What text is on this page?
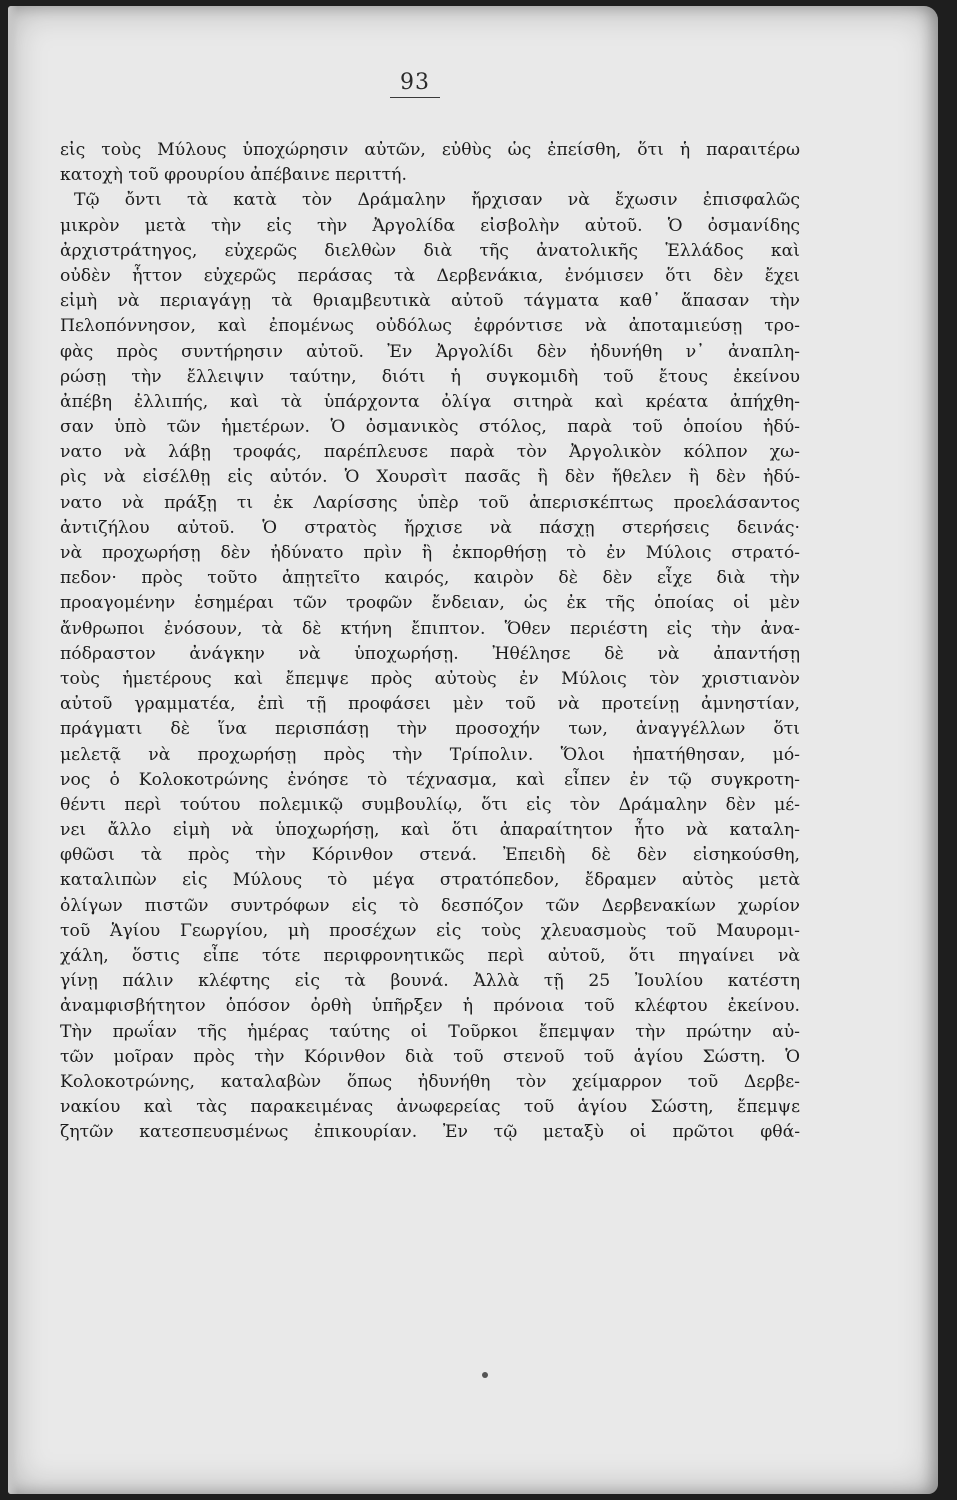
93
εἰς τοὺς Μύλους ὑποχώρησιν αὐτῶν, εὐθὺς ὡς ἐπείσθη, ὅτι ἡ παραιτέρω
κατοχὴ τοῦ φρουρίου ἀπέβαινε περιττή.
Τῷ ὄντι τὰ κατὰ τὸν Δράμαλην ἤρχισαν νὰ ἔχωσιν ἐπισφαλῶς
μικρὸν μετὰ τὴν εἰς τὴν Ἀργολίδα εἰσβολὴν αὐτοῦ. Ὁ ὀσμανίδης
ἀρχιστράτηγος, εὐχερῶς διελθὼν διὰ τῆς ἀνατολικῆς Ἑλλάδος καὶ
οὐδὲν ἧττον εὐχερῶς περάσας τὰ Δερβενάκια, ἐνόμισεν ὅτι δὲν ἔχει
εἰμὴ νὰ περιαγάγῃ τὰ θριαμβευτικὰ αὐτοῦ τάγματα καθ᾽ ἅπασαν τὴν
Πελοπόννησον, καὶ ἐπομένως οὐδόλως ἐφρόντισε νὰ ἀποταμιεύσῃ τρο-
φὰς πρὸς συντήρησιν αὐτοῦ. Ἐν Ἀργολίδι δὲν ἠδυνήθη ν᾽ ἀναπλη-
ρώσῃ τὴν ἔλλειψιν ταύτην, διότι ἡ συγκομιδὴ τοῦ ἔτους ἐκείνου
ἀπέβη ἐλλιπής, καὶ τὰ ὑπάρχοντα ὀλίγα σιτηρὰ καὶ κρέατα ἀπήχθη-
σαν ὑπὸ τῶν ἡμετέρων. Ὁ ὀσμανικὸς στόλος, παρὰ τοῦ ὁποίου ἠδύ-
νατο νὰ λάβῃ τροφάς, παρέπλευσε παρὰ τὸν Ἀργολικὸν κόλπον χω-
ρὶς νὰ εἰσέλθῃ εἰς αὐτόν. Ὁ Χουρσὶτ πασᾶς ἢ δὲν ἤθελεν ἢ δὲν ἠδύ-
νατο νὰ πράξῃ τι ἐκ Λαρίσσης ὑπὲρ τοῦ ἀπερισκέπτως προελάσαντος
ἀντιζήλου αὐτοῦ. Ὁ στρατὸς ἤρχισε νὰ πάσχῃ στερήσεις δεινάς·
νὰ προχωρήσῃ δὲν ἠδύνατο πρὶν ἢ ἐκπορθήσῃ τὸ ἐν Μύλοις στρατό-
πεδον· πρὸς τοῦτο ἀπῃτεῖτο καιρός, καιρὸν δὲ δὲν εἶχε διὰ τὴν
προαγομένην ἑσημέραι τῶν τροφῶν ἔνδειαν, ὡς ἐκ τῆς ὁποίας οἱ μὲν
ἄνθρωποι ἐνόσουν, τὰ δὲ κτήνη ἔπιπτον. Ὅθεν περιέστη εἰς τὴν ἀνα-
πόδραστον ἀνάγκην νὰ ὑποχωρήσῃ. Ἠθέλησε δὲ νὰ ἀπαντήσῃ
τοὺς ἡμετέρους καὶ ἔπεμψε πρὸς αὐτοὺς ἐν Μύλοις τὸν χριστιανὸν
αὐτοῦ γραμματέα, ἐπὶ τῇ προφάσει μὲν τοῦ νὰ προτείνῃ ἀμνηστίαν,
πράγματι δὲ ἵνα περισπάσῃ τὴν προσοχήν των, ἀναγγέλλων ὅτι
μελετᾷ νὰ προχωρήσῃ πρὸς τὴν Τρίπολιν. Ὅλοι ἠπατήθησαν, μό-
νος ὁ Κολοκοτρώνης ἐνόησε τὸ τέχνασμα, καὶ εἶπεν ἐν τῷ συγκροτη-
θέντι περὶ τούτου πολεμικῷ συμβουλίῳ, ὅτι εἰς τὸν Δράμαλην δὲν μέ-
νει ἄλλο εἰμὴ νὰ ὑποχωρήσῃ, καὶ ὅτι ἀπαραίτητον ἦτο νὰ καταλη-
φθῶσι τὰ πρὸς τὴν Κόρινθον στενά. Ἐπειδὴ δὲ δὲν εἰσηκούσθη,
καταλιπὼν εἰς Μύλους τὸ μέγα στρατόπεδον, ἔδραμεν αὐτὸς μετὰ
ὀλίγων πιστῶν συντρόφων εἰς τὸ δεσπόζον τῶν Δερβενακίων χωρίον
τοῦ Ἁγίου Γεωργίου, μὴ προσέχων εἰς τοὺς χλευασμοὺς τοῦ Μαυρομι-
χάλη, ὅστις εἶπε τότε περιφρονητικῶς περὶ αὐτοῦ, ὅτι πηγαίνει νὰ
γίνῃ πάλιν κλέφτης εἰς τὰ βουνά. Ἀλλὰ τῇ 25 Ἰουλίου κατέστη
ἀναμφισβήτητον ὁπόσον ὀρθὴ ὑπῆρξεν ἡ πρόνοια τοῦ κλέφτου ἐκείνου.
Τὴν πρωΐαν τῆς ἡμέρας ταύτης οἱ Τοῦρκοι ἔπεμψαν τὴν πρώτην αὐ-
τῶν μοῖραν πρὸς τὴν Κόρινθον διὰ τοῦ στενοῦ τοῦ ἁγίου Σώστη. Ὁ
Κολοκοτρώνης, καταλαβὼν ὅπως ἠδυνήθη τὸν χείμαρρον τοῦ Δερβε-
νακίου καὶ τὰς παρακειμένας ἀνωφερείας τοῦ ἁγίου Σώστη, ἔπεμψε
ζητῶν κατεσπευσμένως ἐπικουρίαν. Ἐν τῷ μεταξὺ οἱ πρῶτοι φθά-
